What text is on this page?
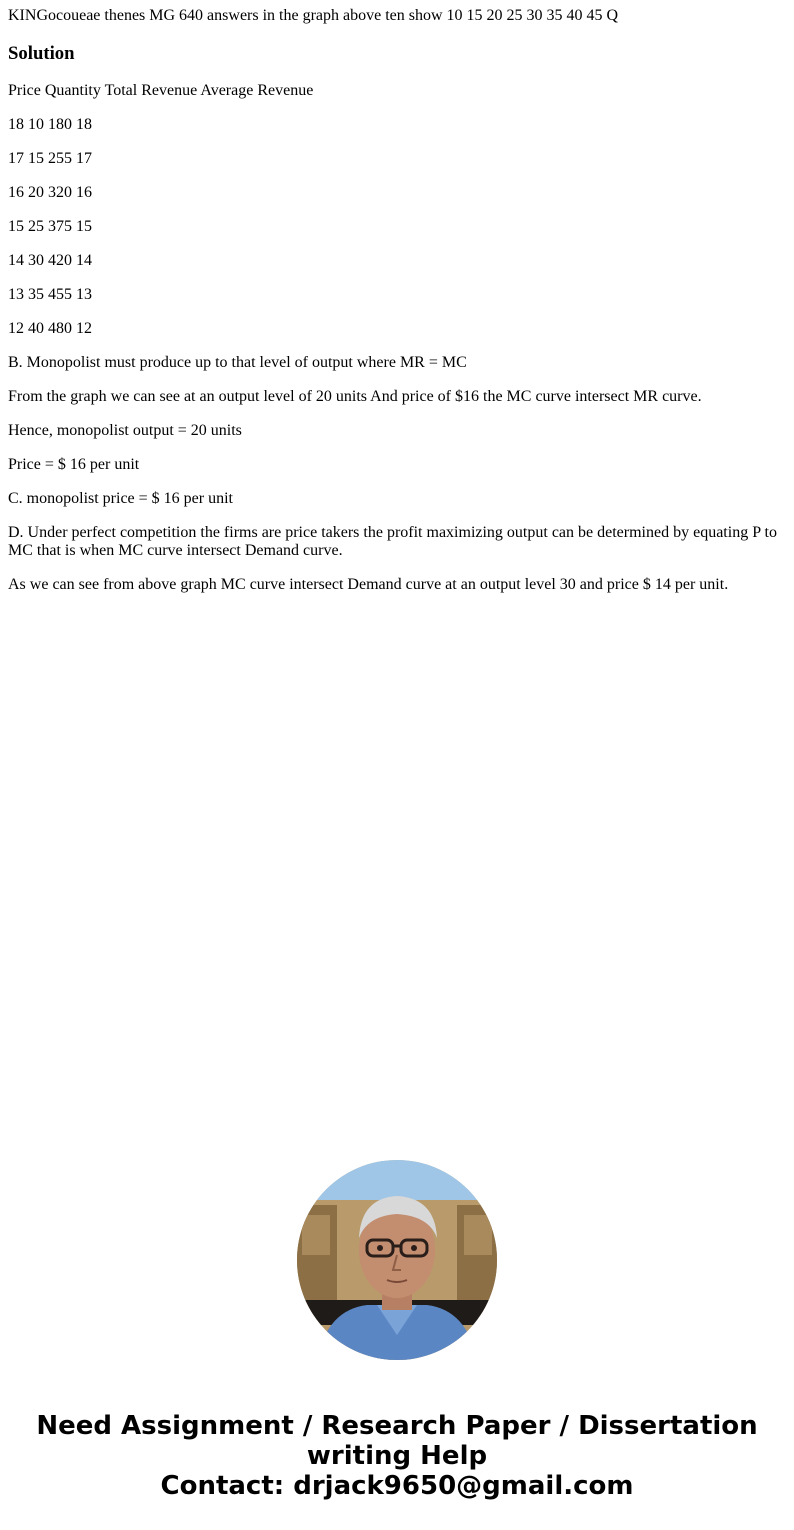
KINGocoueae thenes MG 640 answers in the graph above ten show 10 15 20 25 30 35 40 45 Q

Solution

Price Quantity Total Revenue Average Revenue

18 10 180 18

17 15 255 17

16 20 320 16

15 25 375 15

14 30 420 14

13 35 455 13

12 40 480 12

B. Monopolist must produce up to that level of output where MR = MC

From the graph we can see at an output level of 20 units And price of $16 the MC curve intersect MR curve.

Hence, monopolist output = 20 units

Price = $ 16 per unit

C. monopolist price = $ 16 per unit

D. Under perfect competition the firms are price takers the profit maximizing output can be determined by equating P to MC that is when MC curve intersect Demand curve.

As we can see from above graph MC curve intersect Demand curve at an output level 30 and price $ 14 per unit.

Need Assignment / Research Paper / Dissertation
writing Help
Contact: drjack9650@gmail.com
